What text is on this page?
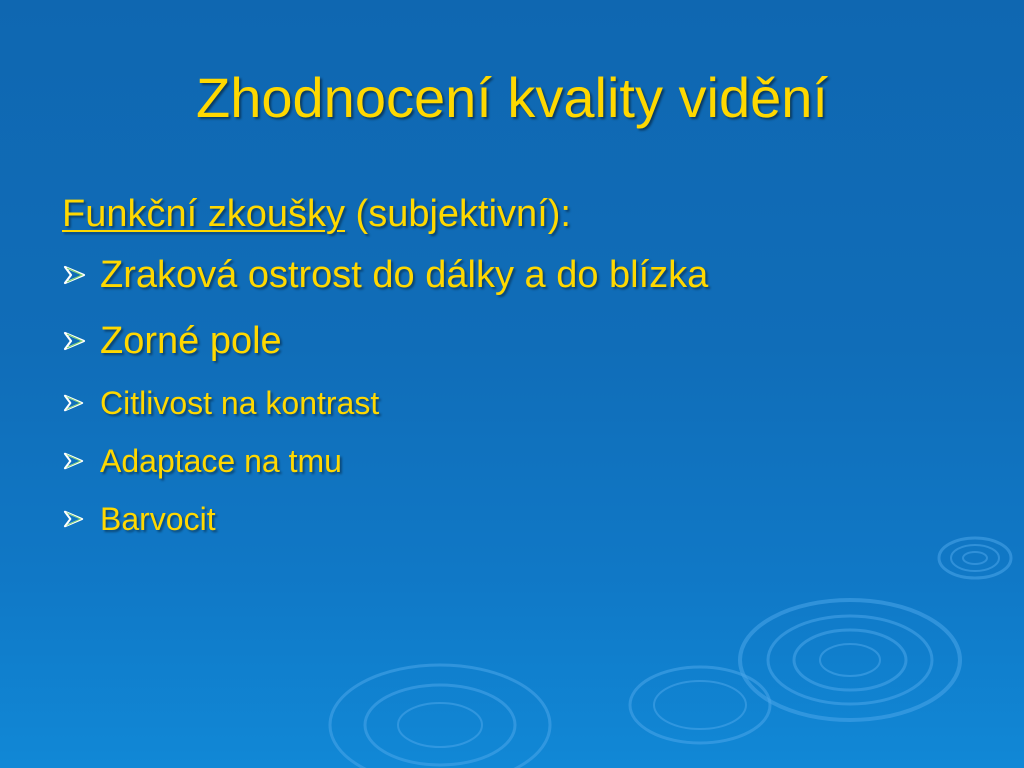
Zhodnocení kvality vidění

Funkční zkoušky (subjektivní):

Zraková ostrost do dálky a do blízka
Zorné pole
Citlivost na kontrast
Adaptace na tmu
Barvocit
